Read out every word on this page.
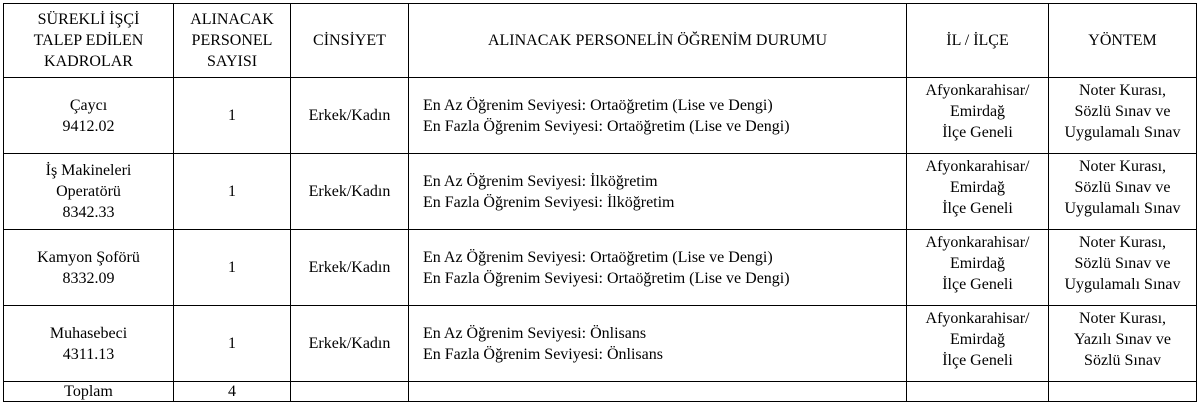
SÜREKLİ İŞÇİ
TALEP EDİLEN
KADROLAR	ALINACAK
PERSONEL
SAYISI	CİNSİYET	ALINACAK PERSONELİN ÖĞRENİM DURUMU	İL / İLÇE	YÖNTEM

Çaycı
9412.02	1	Erkek/Kadın	En Az Öğrenim Seviyesi: Ortaöğretim (Lise ve Dengi)
En Fazla Öğrenim Seviyesi: Ortaöğretim (Lise ve Dengi)	Afyonkarahisar/
Emirdağ
İlçe Geneli	Noter Kurası,
Sözlü Sınav ve
Uygulamalı Sınav

İş Makineleri
Operatörü
8342.33	1	Erkek/Kadın	En Az Öğrenim Seviyesi: İlköğretim
En Fazla Öğrenim Seviyesi: İlköğretim	Afyonkarahisar/
Emirdağ
İlçe Geneli	Noter Kurası,
Sözlü Sınav ve
Uygulamalı Sınav

Kamyon Şoförü
8332.09	1	Erkek/Kadın	En Az Öğrenim Seviyesi: Ortaöğretim (Lise ve Dengi)
En Fazla Öğrenim Seviyesi: Ortaöğretim (Lise ve Dengi)	Afyonkarahisar/
Emirdağ
İlçe Geneli	Noter Kurası,
Sözlü Sınav ve
Uygulamalı Sınav

Muhasebeci
4311.13	1	Erkek/Kadın	En Az Öğrenim Seviyesi: Önlisans
En Fazla Öğrenim Seviyesi: Önlisans	Afyonkarahisar/
Emirdağ
İlçe Geneli	Noter Kurası,
Yazılı Sınav ve
Sözlü Sınav

Toplam	4				
